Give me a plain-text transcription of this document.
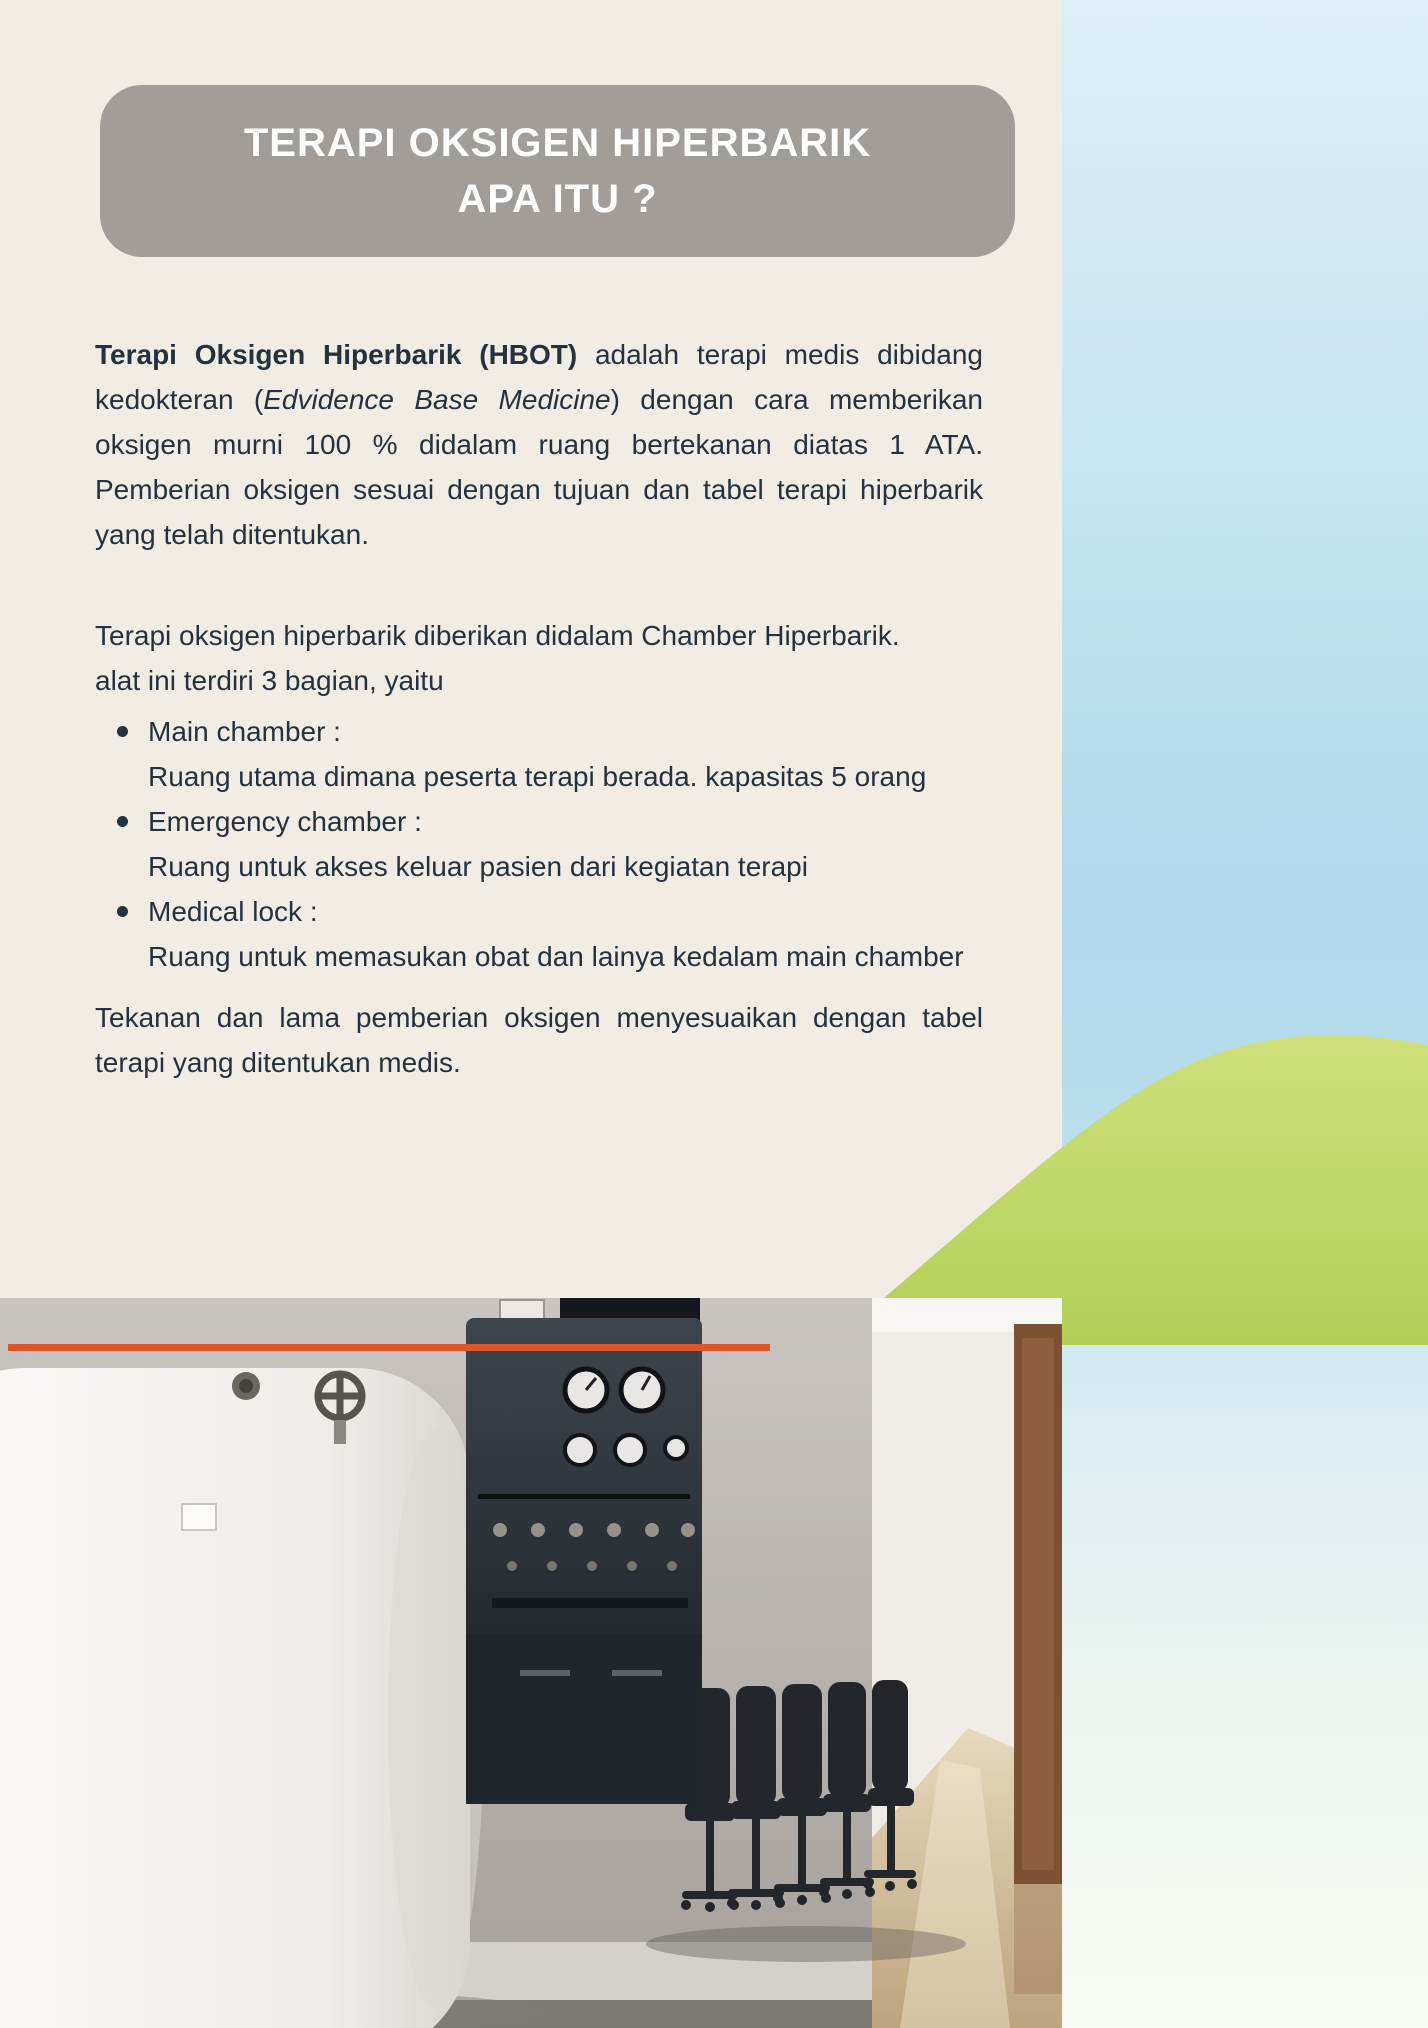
TERAPI OKSIGEN HIPERBARIK
APA ITU ?

Terapi Oksigen Hiperbarik (HBOT) adalah terapi medis dibidang kedokteran (Edvidence Base Medicine) dengan cara memberikan oksigen murni 100 % didalam ruang bertekanan diatas 1 ATA. Pemberian oksigen sesuai dengan tujuan dan tabel terapi hiperbarik yang telah ditentukan.

Terapi oksigen hiperbarik diberikan didalam Chamber Hiperbarik.

alat ini terdiri 3 bagian, yaitu

Main chamber :
Ruang utama dimana peserta terapi berada. kapasitas 5 orang
Emergency chamber :
Ruang untuk akses keluar pasien dari kegiatan terapi
Medical lock :
Ruang untuk memasukan obat dan lainya kedalam main chamber

Tekanan dan lama pemberian oksigen menyesuaikan dengan tabel terapi yang ditentukan medis.
